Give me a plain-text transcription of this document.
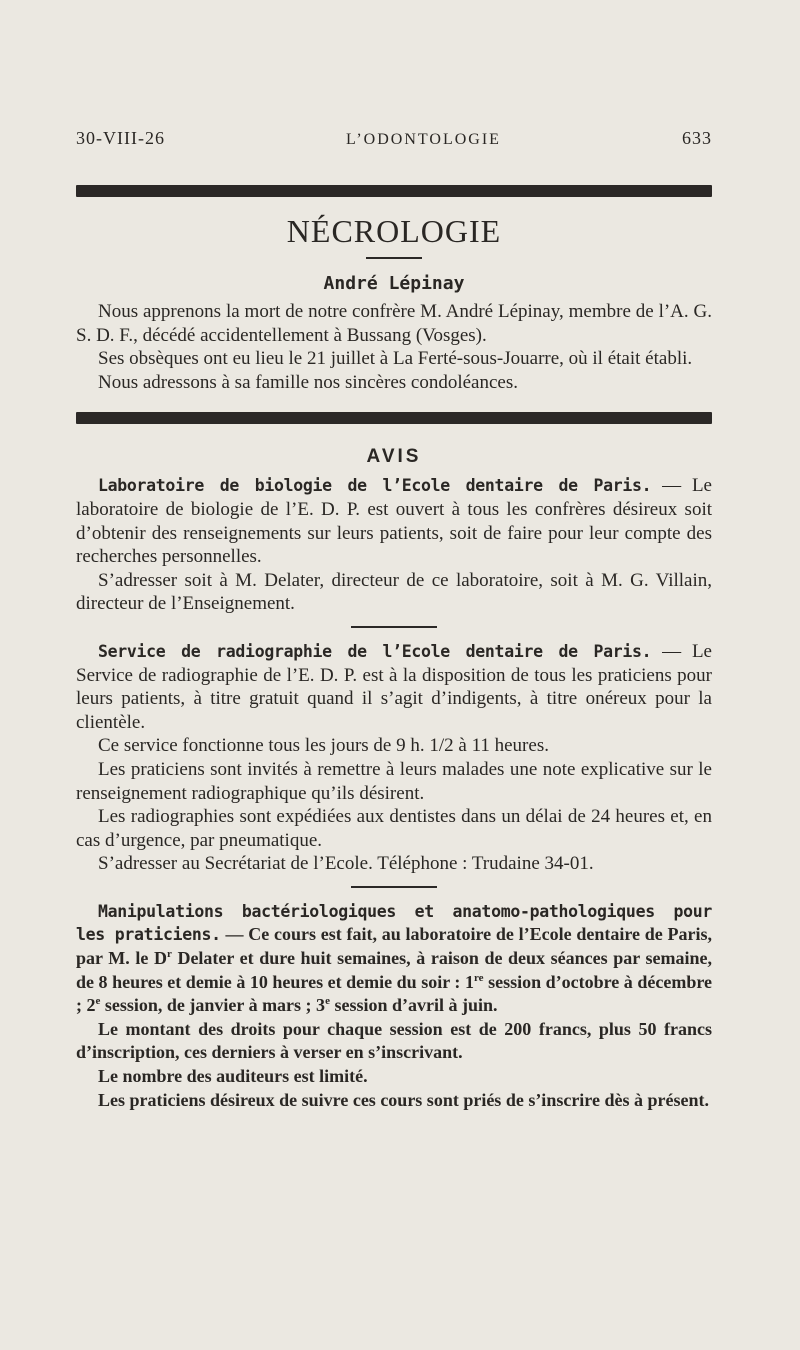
30-VIII-26	L’ODONTOLOGIE	633
NÉCROLOGIE
André Lépinay

Nous apprenons la mort de notre confrère M. André Lépinay, membre de l’A. G. S. D. F., décédé accidentellement à Bussang (Vosges).

Ses obsèques ont eu lieu le 21 juillet à La Ferté-sous-Jouarre, où il était établi.

Nous adressons à sa famille nos sincères condoléances.

AVIS

Laboratoire de biologie de l’Ecole dentaire de Paris. — Le laboratoire de biologie de l’E. D. P. est ouvert à tous les confrères désireux soit d’obtenir des renseignements sur leurs patients, soit de faire pour leur compte des recherches personnelles.

S’adresser soit à M. Delater, directeur de ce laboratoire, soit à M. G. Villain, directeur de l’Enseignement.

Service de radiographie de l’Ecole dentaire de Paris. — Le Service de radiographie de l’E. D. P. est à la disposition de tous les praticiens pour leurs patients, à titre gratuit quand il s’agit d’indigents, à titre onéreux pour la clientèle.

Ce service fonctionne tous les jours de 9 h. 1/2 à 11 heures.

Les praticiens sont invités à remettre à leurs malades une note explicative sur le renseignement radiographique qu’ils désirent.

Les radiographies sont expédiées aux dentistes dans un délai de 24 heures et, en cas d’urgence, par pneumatique.

S’adresser au Secrétariat de l’Ecole. Téléphone : Trudaine 34-01.

Manipulations bactériologiques et anatomo-pathologiques pour les praticiens. — Ce cours est fait, au laboratoire de l’Ecole dentaire de Paris, par M. le $D^r$ Delater et dure huit semaines, à raison de deux séances par semaine, de 8 heures et demie à 10 heures et demie du soir : 1re session d’octobre à décembre ; 2e session, de janvier à mars ; 3e session d’avril à juin.

Le montant des droits pour chaque session est de 200 francs, plus 50 francs d’inscription, ces derniers à verser en s’inscrivant.

Le nombre des auditeurs est limité.

Les praticiens désireux de suivre ces cours sont priés de s’inscrire dès à présent.
